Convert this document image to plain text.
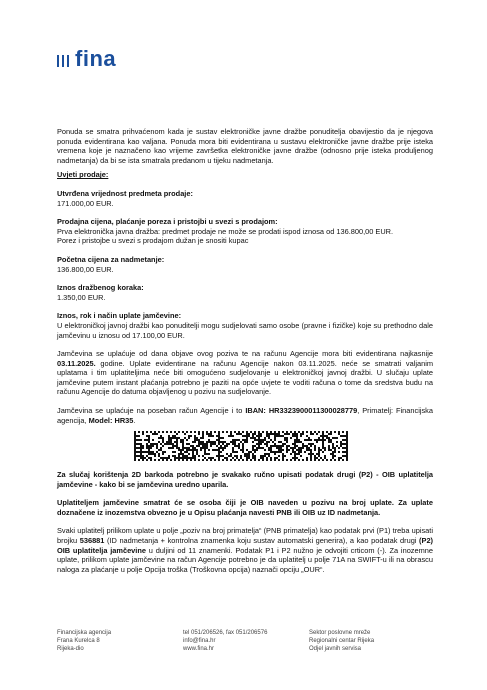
fina

Ponuda se smatra prihvaćenom kada je sustav elektroničke javne dražbe ponuditelja obavijestio da je njegova ponuda evidentirana kao valjana. Ponuda mora biti evidentirana u sustavu elektroničke javne dražbe prije isteka vremena koje je naznačeno kao vrijeme završetka elektroničke javne dražbe (odnosno prije isteka produljenog nadmetanja) da bi se ista smatrala predanom u tijeku nadmetanja.

Uvjeti prodaje:

Utvrđena vrijednost predmeta prodaje:

171.000,00 EUR.

Prodajna cijena, plaćanje poreza i pristojbi u svezi s prodajom:

Prva elektronička javna dražba: predmet prodaje ne može se prodati ispod iznosa od 136.800,00 EUR.

Porez i pristojbe u svezi s prodajom dužan je snositi kupac

Početna cijena za nadmetanje:

136.800,00 EUR.

Iznos dražbenog koraka:

1.350,00 EUR.

Iznos, rok i način uplate jamčevine:

U elektroničkoj javnoj dražbi kao ponuditelji mogu sudjelovati samo osobe (pravne i fizičke) koje su prethodno dale jamčevinu u iznosu od 17.100,00 EUR.

Jamčevina se uplaćuje od dana objave ovog poziva te na računu Agencije mora biti evidentirana najkasnije 03.11.2025. godine. Uplate evidentirane na računu Agencije nakon 03.11.2025. neće se smatrati valjanim uplatama i tim uplatiteljima neće biti omogućeno sudjelovanje u elektroničkoj javnoj dražbi. U slučaju uplate jamčevine putem instant plaćanja potrebno je paziti na opće uvjete te voditi računa o tome da sredstva budu na računu Agencije do datuma objavljenog u pozivu na sudjelovanje.

Jamčevina se uplaćuje na poseban račun Agencije i to IBAN: HR3323900011300028779, Primatelj: Financijska agencija, Model: HR35.

Za slučaj korištenja 2D barkoda potrebno je svakako ručno upisati podatak drugi (P2) - OIB uplatitelja jamčevine - kako bi se jamčevina uredno uparila.

Uplatiteljem jamčevine smatrat će se osoba čiji je OIB naveden u pozivu na broj uplate. Za uplate doznačene iz inozemstva obvezno je u Opisu plaćanja navesti PNB ili OIB uz ID nadmetanja.

Svaki uplatitelj prilikom uplate u polje „poziv na broj primatelja“ (PNB primatelja) kao podatak prvi (P1) treba upisati brojku 536881 (ID nadmetanja + kontrolna znamenka koju sustav automatski generira), a kao podatak drugi (P2) OIB uplatitelja jamčevine u duljini od 11 znamenki. Podatak P1 i P2 nužno je odvojiti crticom (-). Za inozemne uplate, prilikom uplate jamčevine na račun Agencije potrebno je da uplatitelj u polje 71A na SWIFT-u ili na obrascu naloga za plaćanje u polje Opcija troška (Troškovna opcija) naznači opciju „OUR“.

Financijska agencija
Frana Kurelca 8
Rijeka-dio
tel 051/206526, fax 051/206576
info@fina.hr
www.fina.hr
Sektor poslovne mreže
Regionalni centar Rijeka
Odjel javnih servisa
